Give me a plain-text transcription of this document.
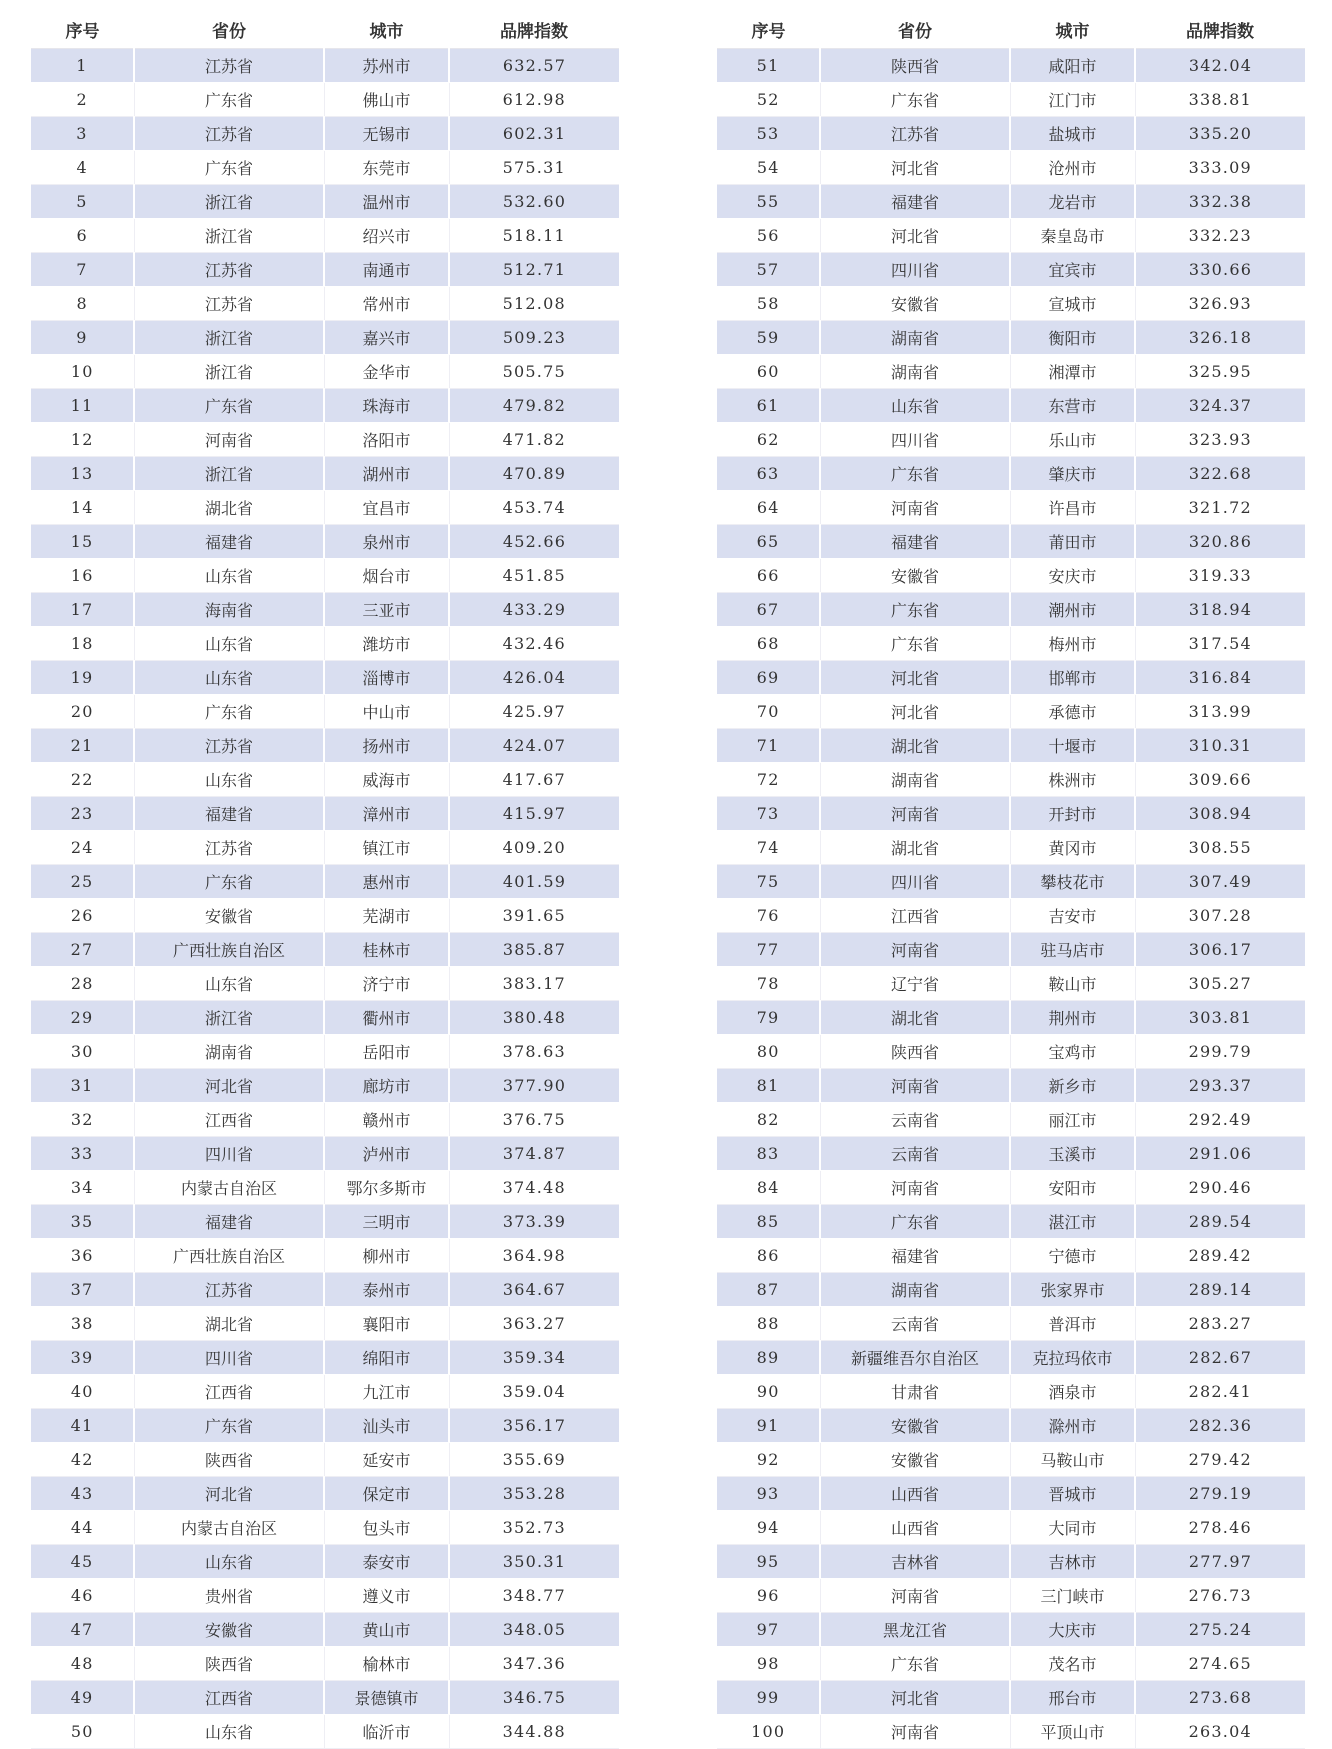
序号	省份	城市	品牌指数
1	江苏省	苏州市	632.57
2	广东省	佛山市	612.98
3	江苏省	无锡市	602.31
4	广东省	东莞市	575.31
5	浙江省	温州市	532.60
6	浙江省	绍兴市	518.11
7	江苏省	南通市	512.71
8	江苏省	常州市	512.08
9	浙江省	嘉兴市	509.23
10	浙江省	金华市	505.75
11	广东省	珠海市	479.82
12	河南省	洛阳市	471.82
13	浙江省	湖州市	470.89
14	湖北省	宜昌市	453.74
15	福建省	泉州市	452.66
16	山东省	烟台市	451.85
17	海南省	三亚市	433.29
18	山东省	潍坊市	432.46
19	山东省	淄博市	426.04
20	广东省	中山市	425.97
21	江苏省	扬州市	424.07
22	山东省	威海市	417.67
23	福建省	漳州市	415.97
24	江苏省	镇江市	409.20
25	广东省	惠州市	401.59
26	安徽省	芜湖市	391.65
27	广西壮族自治区	桂林市	385.87
28	山东省	济宁市	383.17
29	浙江省	衢州市	380.48
30	湖南省	岳阳市	378.63
31	河北省	廊坊市	377.90
32	江西省	赣州市	376.75
33	四川省	泸州市	374.87
34	内蒙古自治区	鄂尔多斯市	374.48
35	福建省	三明市	373.39
36	广西壮族自治区	柳州市	364.98
37	江苏省	泰州市	364.67
38	湖北省	襄阳市	363.27
39	四川省	绵阳市	359.34
40	江西省	九江市	359.04
41	广东省	汕头市	356.17
42	陕西省	延安市	355.69
43	河北省	保定市	353.28
44	内蒙古自治区	包头市	352.73
45	山东省	泰安市	350.31
46	贵州省	遵义市	348.77
47	安徽省	黄山市	348.05
48	陕西省	榆林市	347.36
49	江西省	景德镇市	346.75
50	山东省	临沂市	344.88
序号	省份	城市	品牌指数
51	陕西省	咸阳市	342.04
52	广东省	江门市	338.81
53	江苏省	盐城市	335.20
54	河北省	沧州市	333.09
55	福建省	龙岩市	332.38
56	河北省	秦皇岛市	332.23
57	四川省	宜宾市	330.66
58	安徽省	宣城市	326.93
59	湖南省	衡阳市	326.18
60	湖南省	湘潭市	325.95
61	山东省	东营市	324.37
62	四川省	乐山市	323.93
63	广东省	肇庆市	322.68
64	河南省	许昌市	321.72
65	福建省	莆田市	320.86
66	安徽省	安庆市	319.33
67	广东省	潮州市	318.94
68	广东省	梅州市	317.54
69	河北省	邯郸市	316.84
70	河北省	承德市	313.99
71	湖北省	十堰市	310.31
72	湖南省	株洲市	309.66
73	河南省	开封市	308.94
74	湖北省	黄冈市	308.55
75	四川省	攀枝花市	307.49
76	江西省	吉安市	307.28
77	河南省	驻马店市	306.17
78	辽宁省	鞍山市	305.27
79	湖北省	荆州市	303.81
80	陕西省	宝鸡市	299.79
81	河南省	新乡市	293.37
82	云南省	丽江市	292.49
83	云南省	玉溪市	291.06
84	河南省	安阳市	290.46
85	广东省	湛江市	289.54
86	福建省	宁德市	289.42
87	湖南省	张家界市	289.14
88	云南省	普洱市	283.27
89	新疆维吾尔自治区	克拉玛依市	282.67
90	甘肃省	酒泉市	282.41
91	安徽省	滁州市	282.36
92	安徽省	马鞍山市	279.42
93	山西省	晋城市	279.19
94	山西省	大同市	278.46
95	吉林省	吉林市	277.97
96	河南省	三门峡市	276.73
97	黑龙江省	大庆市	275.24
98	广东省	茂名市	274.65
99	河北省	邢台市	273.68
100	河南省	平顶山市	263.04
